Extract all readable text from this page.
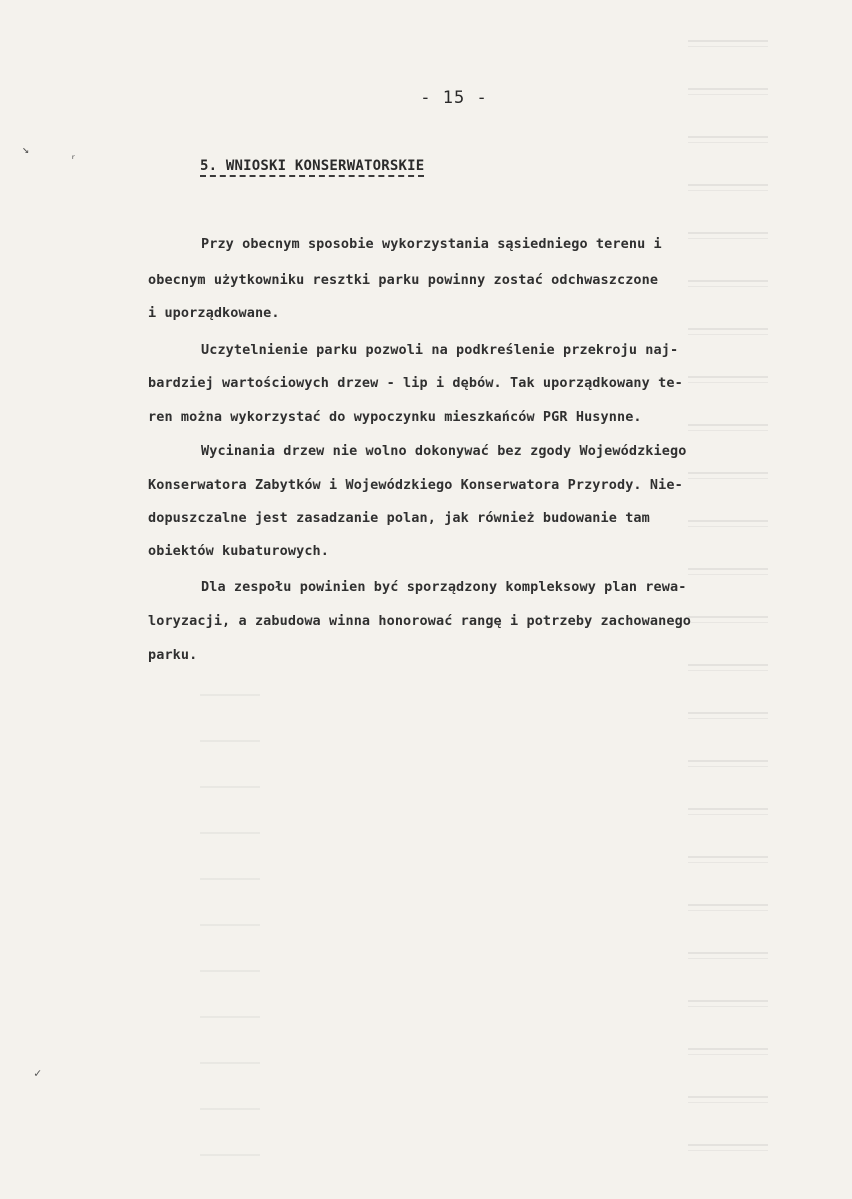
↘
ʳ
✓
- 15 -
5. WNIOSKI KONSERWATORSKIE
Przy obecnym sposobie wykorzystania sąsiedniego terenu i
obecnym użytkowniku resztki parku powinny zostać odchwaszczone
i uporządkowane.
Uczytelnienie parku pozwoli na podkreślenie przekroju naj-
bardziej wartościowych drzew - lip i dębów. Tak uporządkowany te-
ren można wykorzystać do wypoczynku mieszkańców PGR Husynne.
Wycinania drzew nie wolno dokonywać bez zgody Wojewódzkiego
Konserwatora Zabytków i Wojewódzkiego Konserwatora Przyrody. Nie-
dopuszczalne jest zasadzanie polan, jak również budowanie tam
obiektów kubaturowych.
Dla zespołu powinien być sporządzony kompleksowy plan rewa-
loryzacji, a zabudowa winna honorować rangę i potrzeby zachowanego
parku.
